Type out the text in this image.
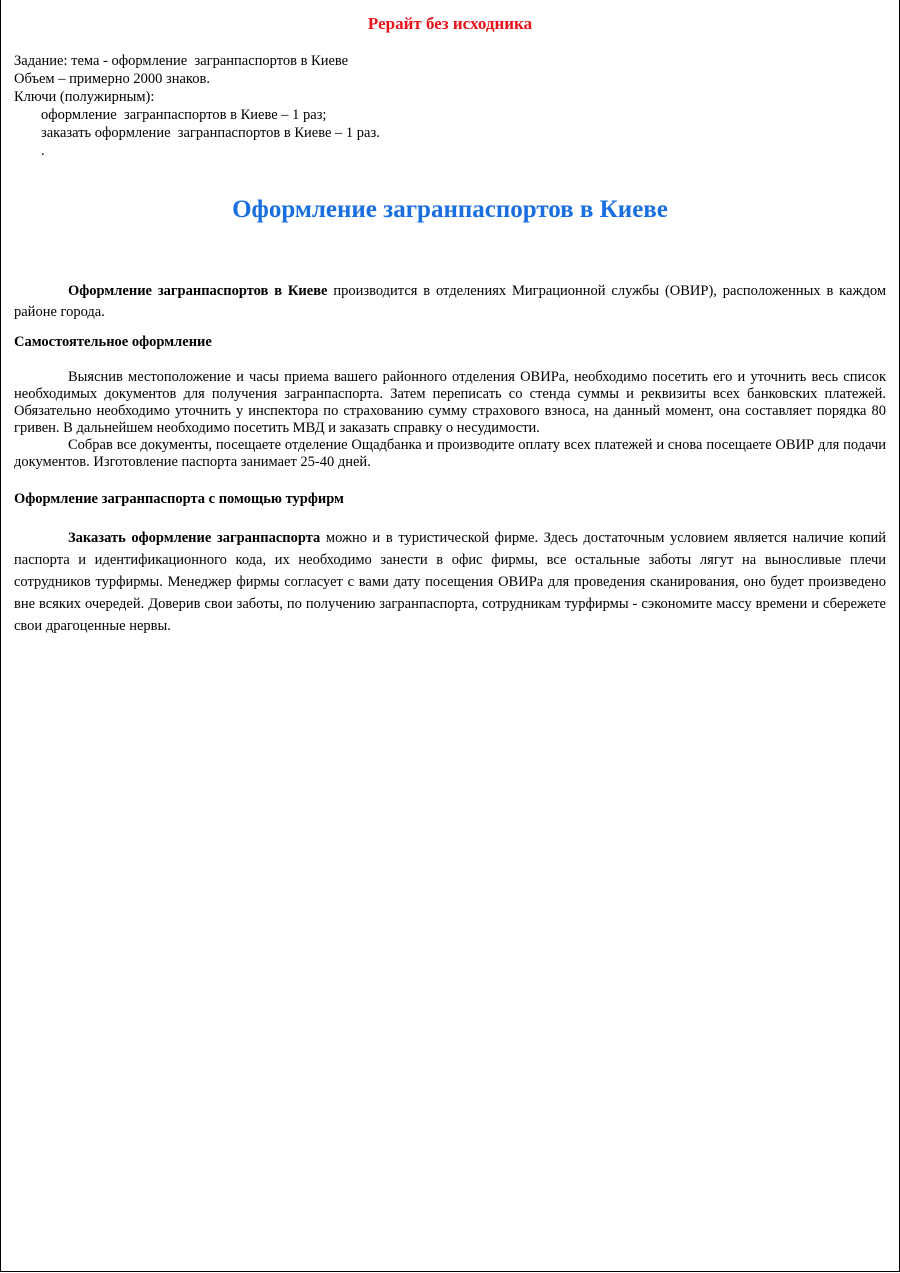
Рерайт без исходника
Задание: тема - оформление  загранпаспортов в Киеве
Объем – примерно 2000 знаков.
Ключи (полужирным):
оформление  загранпаспортов в Киеве – 1 раз;
заказать оформление  загранпаспортов в Киеве – 1 раз.
.
Оформление загранпаспортов в Киеве

Оформление загранпаспортов в Киеве производится в отделениях Миграционной службы (ОВИР), расположенных в каждом районе города.

Самостоятельное оформление

Выяснив местоположение и часы приема вашего районного отделения ОВИРа, необходимо посетить его и уточнить весь список необходимых документов для получения загранпаспорта. Затем переписать со стенда суммы и реквизиты всех банковских платежей. Обязательно необходимо уточнить у инспектора по страхованию сумму страхового взноса, на данный момент, она составляет порядка 80 гривен. В дальнейшем необходимо посетить МВД и заказать справку о несудимости.

Собрав все документы, посещаете отделение Ощадбанка и производите оплату всех платежей и снова посещаете ОВИР для подачи документов. Изготовление паспорта занимает 25-40 дней.

Оформление загранпаспорта с помощью турфирм

Заказать оформление загранпаспорта можно и в туристической фирме. Здесь достаточным условием является наличие копий паспорта и идентификационного кода, их необходимо занести в офис фирмы, все остальные заботы лягут на выносливые плечи сотрудников турфирмы. Менеджер фирмы согласует с вами дату посещения ОВИРа для проведения сканирования, оно будет произведено вне всяких очередей. Доверив свои заботы, по получению загранпаспорта, сотрудникам турфирмы - сэкономите массу времени и сбережете свои драгоценные нервы.
